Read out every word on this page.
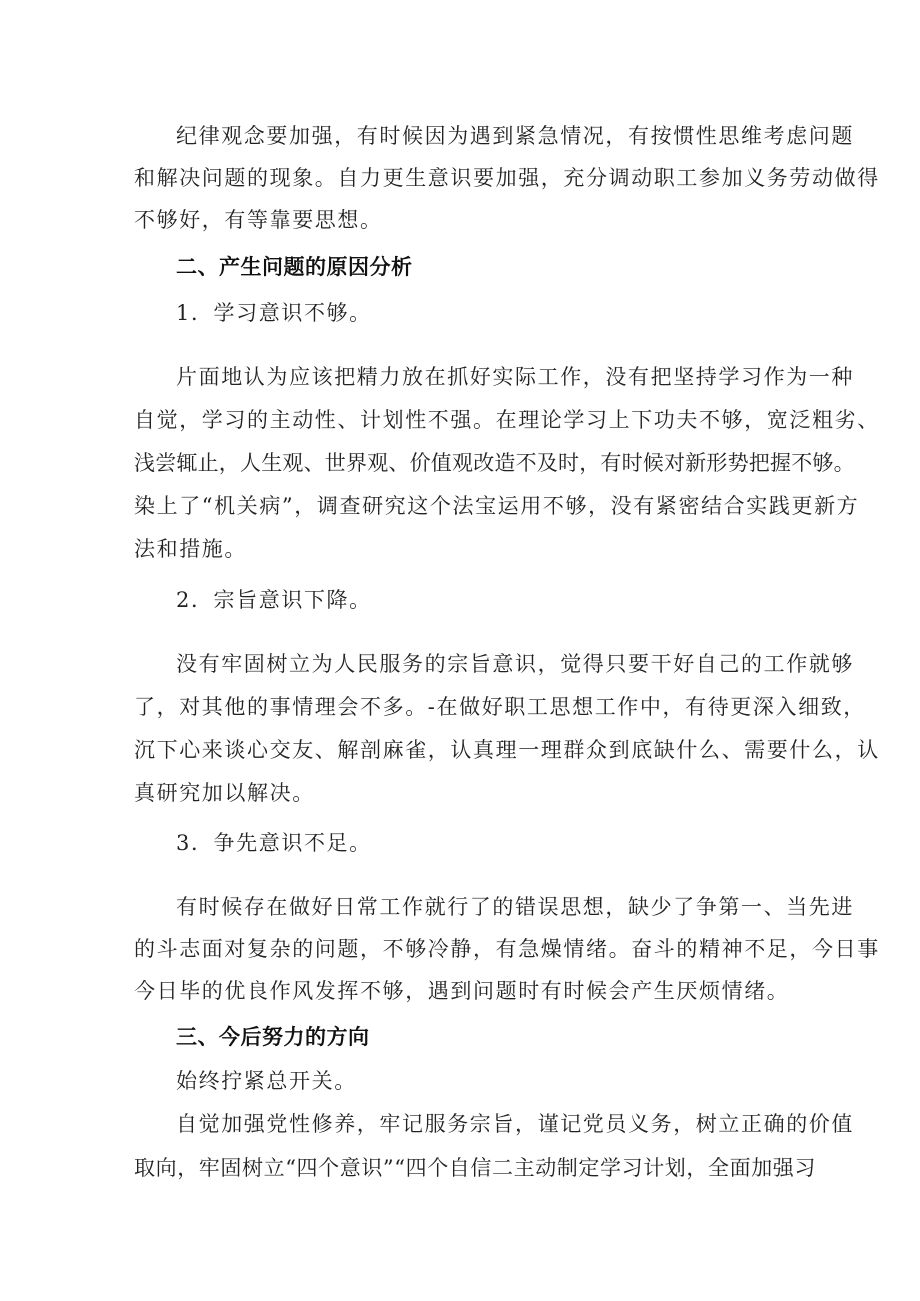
纪律观念要加强，有时候因为遇到紧急情况，有按惯性思维考虑问题
和解决问题的现象。自力更生意识要加强，充分调动职工参加义务劳动做得
不够好，有等靠要思想。
二、产生问题的原因分析
1．学习意识不够。
片面地认为应该把精力放在抓好实际工作，没有把坚持学习作为一种
自觉，学习的主动性、计划性不强。在理论学习上下功夫不够，宽泛粗劣、
浅尝辄止，人生观、世界观、价值观改造不及时，有时候对新形势把握不够。
染上了“机关病”，调查研究这个法宝运用不够，没有紧密结合实践更新方
法和措施。
2．宗旨意识下降。
没有牢固树立为人民服务的宗旨意识，觉得只要干好自己的工作就够
了，对其他的事情理会不多。-在做好职工思想工作中，有待更深入细致，
沉下心来谈心交友、解剖麻雀，认真理一理群众到底缺什么、需要什么，认
真研究加以解决。
3．争先意识不足。
有时候存在做好日常工作就行了的错误思想，缺少了争第一、当先进
的斗志面对复杂的问题，不够冷静，有急燥情绪。奋斗的精神不足，今日事
今日毕的优良作风发挥不够，遇到问题时有时候会产生厌烦情绪。
三、今后努力的方向
始终拧紧总开关。
自觉加强党性修养，牢记服务宗旨，谨记党员义务，树立正确的价值
取向，牢固树立“四个意识”“四个自信二主动制定学习计划，全面加强习
